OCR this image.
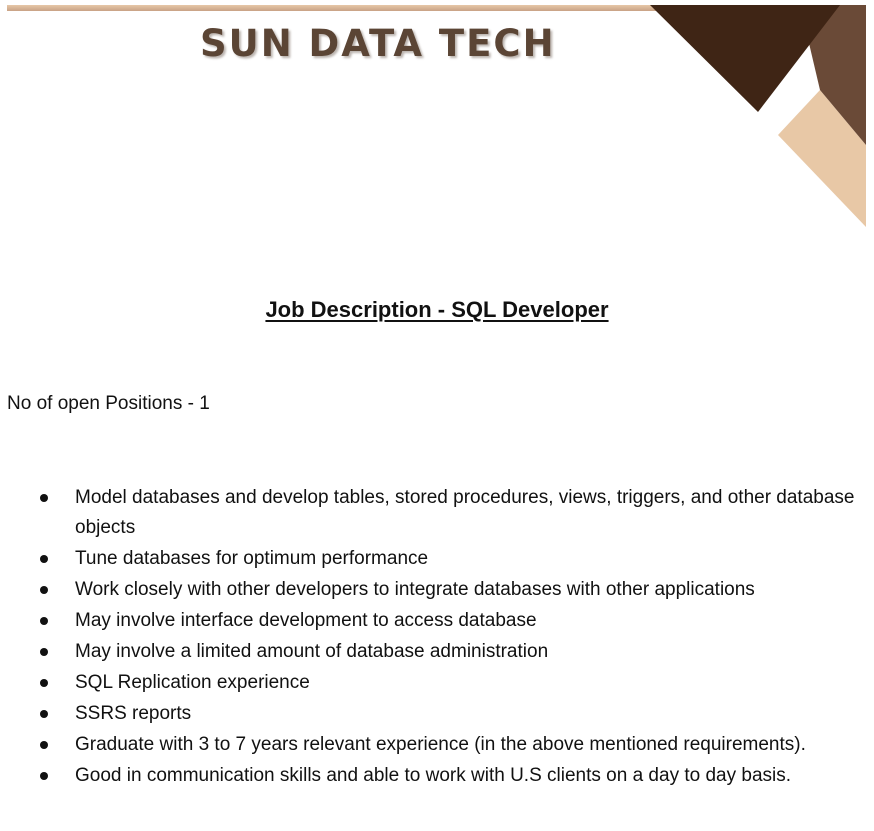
SUN DATA TECH
Job Description - SQL Developer
No of open Positions - 1
Model databases and develop tables, stored procedures, views, triggers, and other database objects
Tune databases for optimum performance
Work closely with other developers to integrate databases with other applications
May involve interface development to access database
May involve a limited amount of database administration
SQL Replication experience
SSRS reports
Graduate with 3 to 7 years relevant experience (in the above mentioned requirements).
Good in communication skills and able to work with U.S clients on a day to day basis.
